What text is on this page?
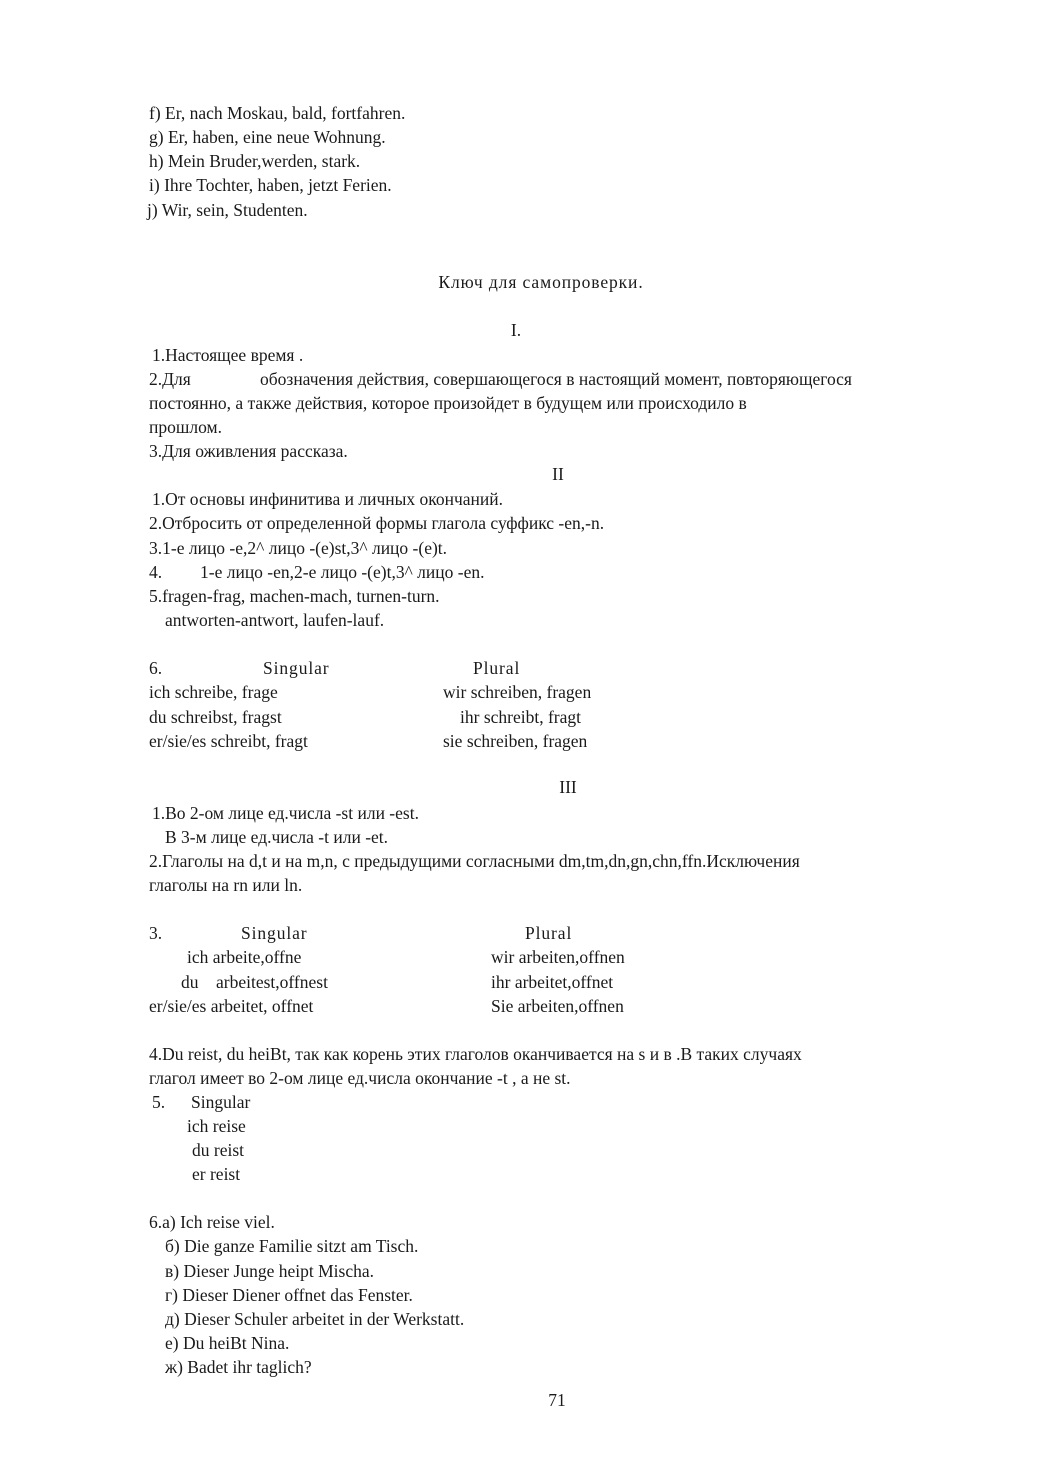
f) Er, nach Moskau, bald, fortfahren.
g) Er, haben, eine neue Wohnung.
h) Mein Bruder,werden, stark.
i) Ihre Tochter, haben, jetzt Ferien.
j) Wir, sein, Studenten.
Ключ для самопроверки.
I.
1.Настоящее время .
2.Для	обозначения действия, совершающегося в настоящий момент, повторяющегося
постоянно, а также действия, которое произойдет в будущем или происходило в
прошлом.
3.Для оживления рассказа.
II
1.От основы инфинитива и личных окончаний.
2.Отбросить от определенной формы глагола суффикс -en,-n.
3.1-е лицо -е,2^ лицо -(e)st,3^ лицо -(e)t.
4. 1-е лицо -en,2-е лицо -(e)t,3^ лицо -en.
5.fragen-frag, machen-mach, turnen-turn.
antworten-antwort, laufen-lauf.
6.	Singular	Plural
ich schreibe, frage	wir schreiben, fragen
du schreibst, fragst	ihr schreibt, fragt
er/sie/es schreibt, fragt	sie schreiben, fragen
III
1.Во 2-ом лице ед.числа -st или -est.
В 3-м лице ед.числа -t или -et.
2.Глаголы на d,t и на m,n, с предыдущими согласными dm,tm,dn,gn,chn,ffn.Исключения
глаголы на rn или ln.
3.	Singular	Plural
ich arbeite,offne	wir arbeiten,offnen
du    arbeitest,offnest	ihr arbeitet,offnet
er/sie/es arbeitet, offnet	Sie arbeiten,offnen
4.Du reist, du heiBt, так как корень этих глаголов оканчивается на s и в .В таких случаях
глагол имеет во 2-ом лице ед.числа окончание -t , а не st.
5. Singular
ich reise
du reist
er reist
6.а) Ich reise viel.
б) Die ganze Familie sitzt am Tisch.
в) Dieser Junge heipt Mischa.
г) Dieser Diener offnet das Fenster.
д) Dieser Schuler arbeitet in der Werkstatt.
е) Du heiBt Nina.
ж) Badet ihr taglich?
71
